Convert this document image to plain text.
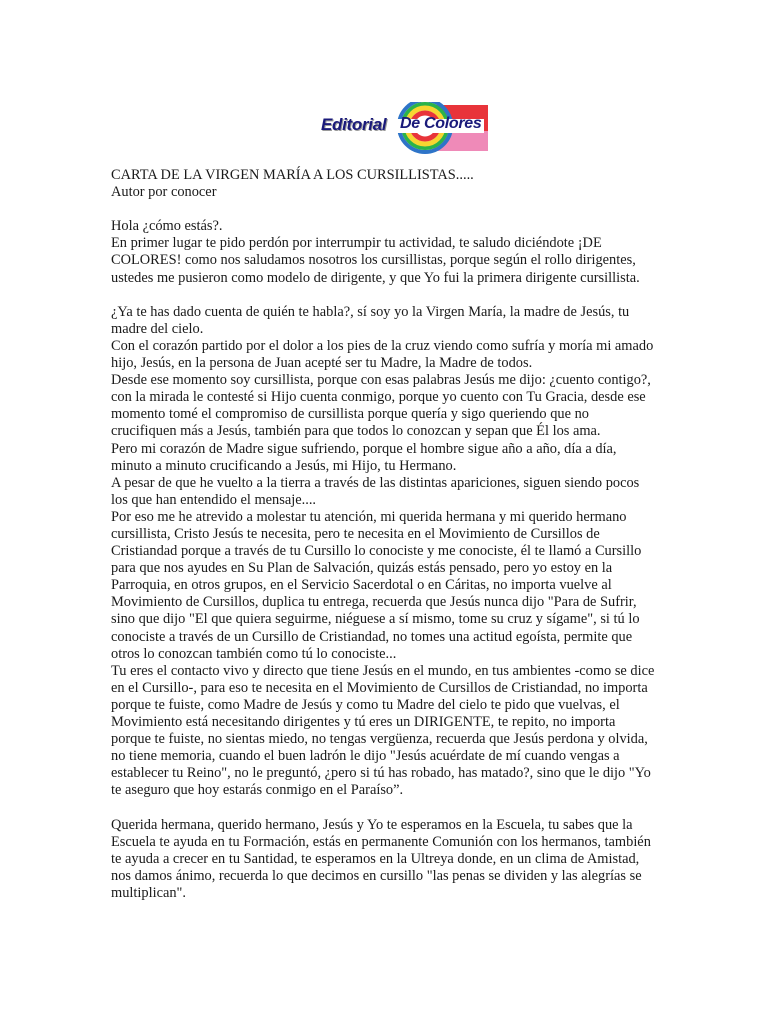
Editorial De Colores

CARTA DE LA VIRGEN MARÍA A LOS CURSILLISTAS.....

Autor por conocer

Hola ¿cómo estás?.

En primer lugar te pido perdón por interrumpir tu actividad, te saludo diciéndote ¡DE

COLORES! como nos saludamos nosotros los cursillistas, porque según el rollo dirigentes,

ustedes me pusieron como modelo de dirigente, y que Yo fui la primera dirigente cursillista.

¿Ya te has dado cuenta de quién te habla?, sí soy yo la Virgen María, la madre de Jesús, tu

madre del cielo.

Con el corazón partido por el dolor a los pies de la cruz viendo como sufría y moría mi amado

hijo, Jesús, en la persona de Juan acepté ser tu Madre, la Madre de todos.

Desde ese momento soy cursillista, porque con esas palabras Jesús me dijo: ¿cuento contigo?,

con la mirada le contesté si Hijo cuenta conmigo, porque yo cuento con Tu Gracia, desde ese

momento tomé el compromiso de cursillista porque quería y sigo queriendo que no

crucifiquen más a Jesús, también para que todos lo conozcan y sepan que Él los ama.

Pero mi corazón de Madre sigue sufriendo, porque el hombre sigue año a año, día a día,

minuto a minuto crucificando a Jesús, mi Hijo, tu Hermano.

A pesar de que he vuelto a la tierra a través de las distintas apariciones, siguen siendo pocos

los que han entendido el mensaje....

Por eso me he atrevido a molestar tu atención, mi querida hermana y mi querido hermano

cursillista, Cristo Jesús te necesita, pero te necesita en el Movimiento de Cursillos de

Cristiandad porque a través de tu Cursillo lo conociste y me conociste, él te llamó a Cursillo

para que nos ayudes en Su Plan de Salvación, quizás estás pensado, pero yo estoy en la

Parroquia, en otros grupos, en el Servicio Sacerdotal o en Cáritas, no importa vuelve al

Movimiento de Cursillos, duplica tu entrega, recuerda que Jesús nunca dijo "Para de Sufrir,

sino que dijo "El que quiera seguirme, niéguese a sí mismo, tome su cruz y sígame", si tú lo

conociste a través de un Cursillo de Cristiandad, no tomes una actitud egoísta, permite que

otros lo conozcan también como tú lo conociste...

Tu eres el contacto vivo y directo que tiene Jesús en el mundo, en tus ambientes -como se dice

en el Cursillo-, para eso te necesita en el Movimiento de Cursillos de Cristiandad, no importa

porque te fuiste, como Madre de Jesús y como tu Madre del cielo te pido que vuelvas, el

Movimiento está necesitando dirigentes y tú eres un DIRIGENTE, te repito, no importa

porque te fuiste, no sientas miedo, no tengas vergüenza, recuerda que Jesús perdona y olvida,

no tiene memoria, cuando el buen ladrón le dijo "Jesús acuérdate de mí cuando vengas a

establecer tu Reino", no le preguntó, ¿pero si tú has robado, has matado?, sino que le dijo "Yo

te aseguro que hoy estarás conmigo en el Paraíso”.

Querida hermana, querido hermano, Jesús y Yo te esperamos en la Escuela, tu sabes que la

Escuela te ayuda en tu Formación, estás en permanente Comunión con los hermanos, también

te ayuda a crecer en tu Santidad, te esperamos en la Ultreya donde, en un clima de Amistad,

nos damos ánimo, recuerda lo que decimos en cursillo "las penas se dividen y las alegrías se

multiplican".
